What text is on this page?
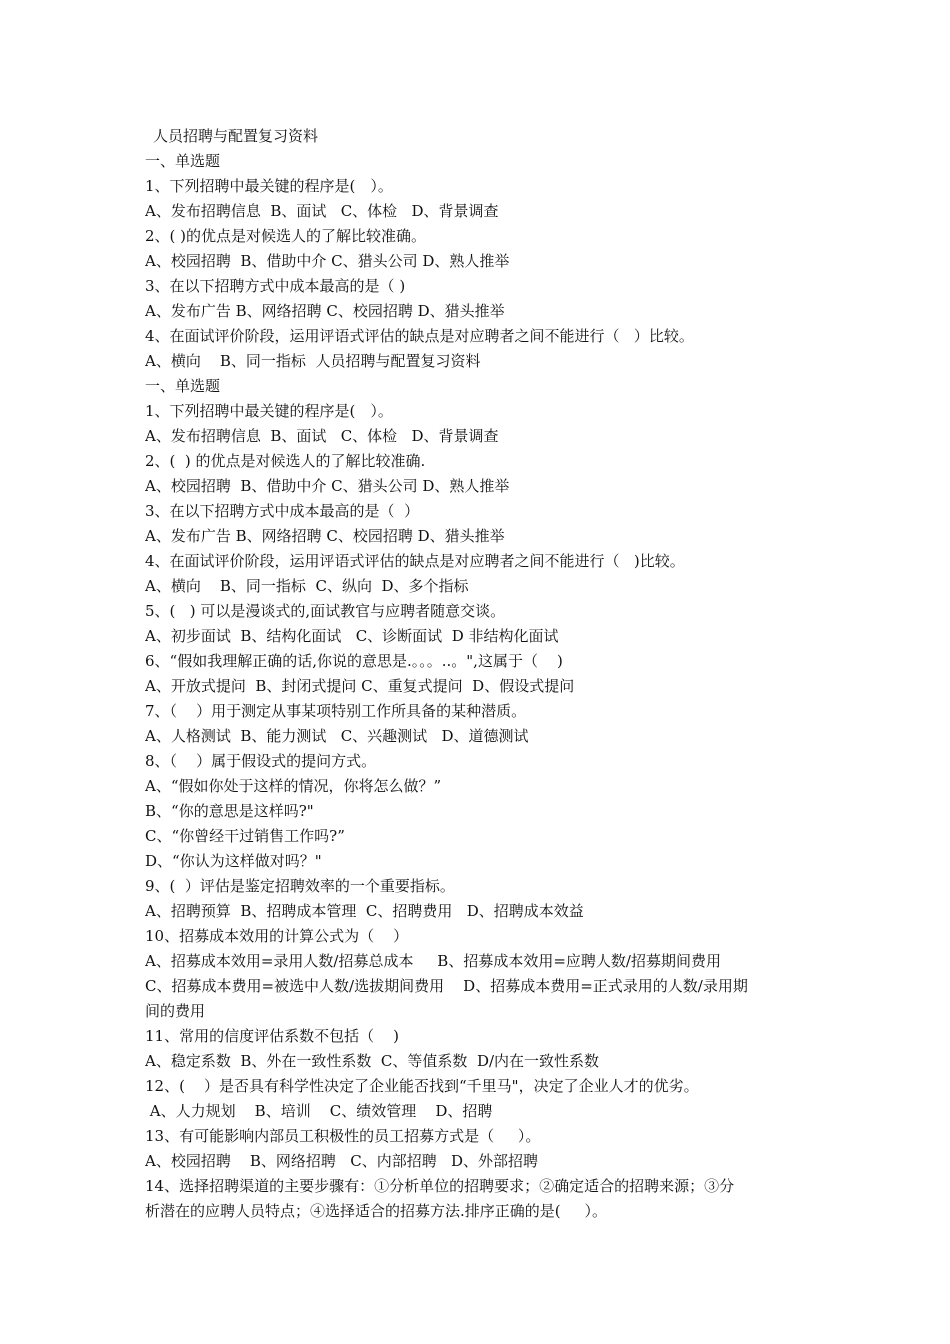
人员招聘与配置复习资料
一、单选题
1、下列招聘中最关键的程序是(　）。
A、发布招聘信息  B、面试   C、体检   D、背景调查
2、( )的优点是对候选人的了解比较准确。
A、校园招聘  B、借助中介 C、猎头公司 D、熟人推举
3、在以下招聘方式中成本最高的是（ )
A、发布广告 B、网络招聘 C、校园招聘 D、猎头推举
4、在面试评价阶段，运用评语式评估的缺点是对应聘者之间不能进行（   ）比较。
A、横向    B、同一指标  人员招聘与配置复习资料
一、单选题
1、下列招聘中最关键的程序是(　）。
A、发布招聘信息  B、面试   C、体检   D、背景调查
2、(  ) 的优点是对候选人的了解比较准确.
A、校园招聘  B、借助中介 C、猎头公司 D、熟人推举
3、在以下招聘方式中成本最高的是（  ）
A、发布广告 B、网络招聘 C、校园招聘 D、猎头推举
4、在面试评价阶段，运用评语式评估的缺点是对应聘者之间不能进行（   )比较。
A、横向    B、同一指标  C、纵向  D、多个指标
5、(   ) 可以是漫谈式的,面试教官与应聘者随意交谈。
A、初步面试  B、结构化面试   C、诊断面试  D 非结构化面试
6、“假如我理解正确的话,你说的意思是.。。。..。",这属于（    )
A、开放式提问  B、封闭式提问 C、重复式提问  D、假设式提问
7、（    ）用于测定从事某项特别工作所具备的某种潜质。
A、人格测试  B、能力测试   C、兴趣测试   D、道德测试
8、（    ）属于假设式的提问方式。
A、“假如你处于这样的情况，你将怎么做？”
B、“你的意思是这样吗?"
C、“你曾经干过销售工作吗?”
D、“你认为这样做对吗？"
9、(  ）评估是鉴定招聘效率的一个重要指标。
A、招聘预算  B、招聘成本管理  C、招聘费用   D、招聘成本效益
10、招募成本效用的计算公式为（    ）
A、招募成本效用=录用人数/招募总成本     B、招募成本效用=应聘人数/招募期间费用
C、招募成本费用=被选中人数/选拔期间费用    D、招募成本费用=正式录用的人数/录用期
间的费用
11、常用的信度评估系数不包括（    )
A、稳定系数  B、外在一致性系数  C、等值系数  D/内在一致性系数
12、(    ）是否具有科学性决定了企业能否找到“千里马"，决定了企业人才的优劣。
A、人力规划    B、培训    C、绩效管理    D、招聘
13、有可能影响内部员工积极性的员工招募方式是（     ）。
A、校园招聘    B、网络招聘   C、内部招聘   D、外部招聘
14、选择招聘渠道的主要步骤有：①分析单位的招聘要求；②确定适合的招聘来源；③分
析潜在的应聘人员特点；④选择适合的招募方法.排序正确的是(     ）。
